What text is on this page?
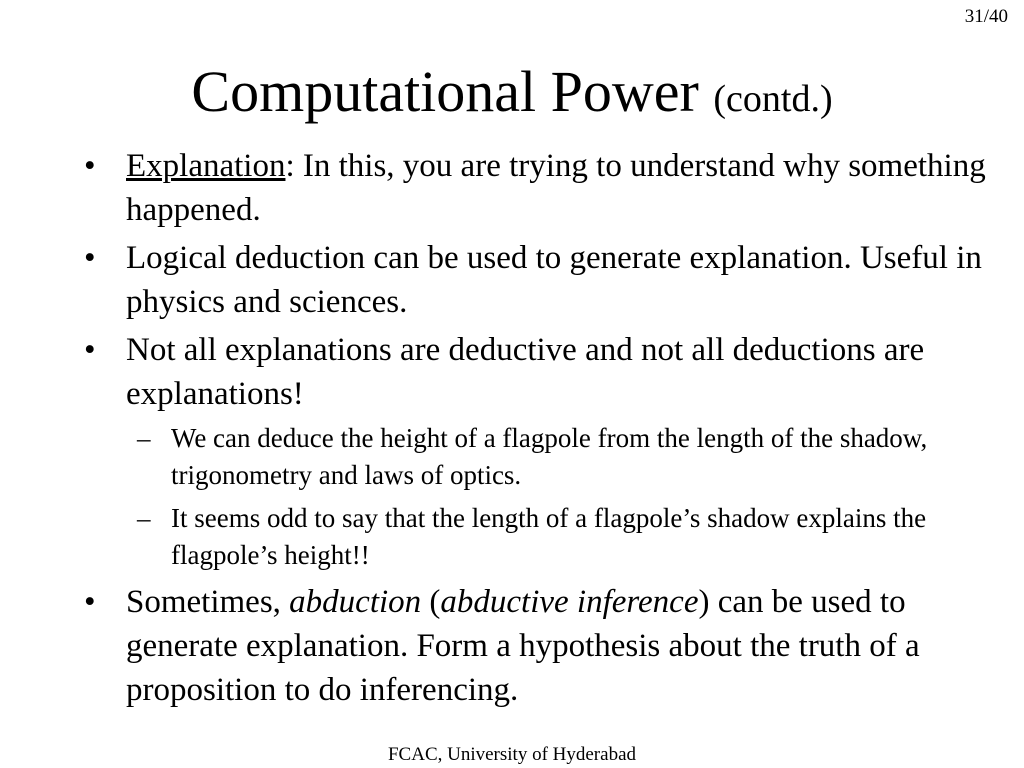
31/40
Computational Power (contd.)
• Explanation: In this, you are trying to understand why something happened.
• Logical deduction can be used to generate explanation. Useful in physics and sciences.
• Not all explanations are deductive and not all deductions are explanations!
– We can deduce the height of a flagpole from the length of the shadow, trigonometry and laws of optics.
– It seems odd to say that the length of a flagpole’s shadow explains the flagpole’s height!!
• Sometimes, abduction (abductive inference) can be used to generate explanation. Form a hypothesis about the truth of a proposition to do inferencing.
FCAC, University of Hyderabad
